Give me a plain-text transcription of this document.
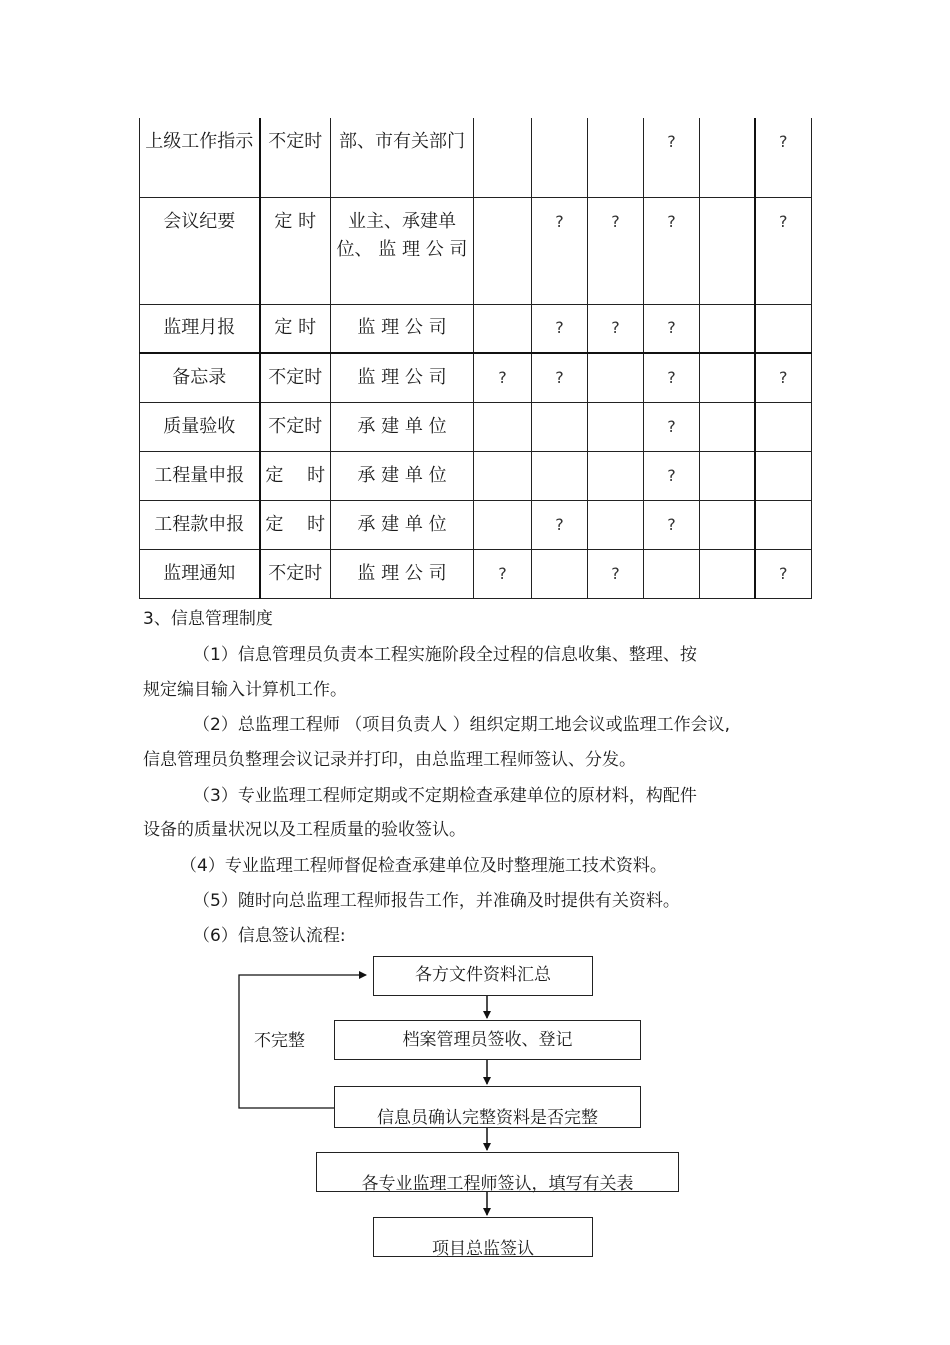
上级工作指示	不定时	部、市有关部门				?		?
会议纪要	定 时	业主、承建单位、 监 理 公 司		?	?	?		?
监理月报	定 时	监 理 公 司		?	?	?		
备忘录	不定时	监 理 公 司	?	?		?		?
质量验收	不定时	承 建 单 位				?		
工程量申报	定　 时	承 建 单 位				?		
工程款申报	定　 时	承 建 单 位		?		?		
监理通知	不定时	监 理 公 司	?		?			?
3、信息管理制度
（1）信息管理员负责本工程实施阶段全过程的信息收集、整理、按
规定编目输入计算机工作。
（2）总监理工程师 （项目负责人 ）组织定期工地会议或监理工作会议,
信息管理员负整理会议记录并打印，由总监理工程师签认、分发。
（3）专业监理工程师定期或不定期检查承建单位的原材料，构配件
设备的质量状况以及工程质量的验收签认。
（4）专业监理工程师督促检查承建单位及时整理施工技术资料。
（5）随时向总监理工程师报告工作，并准确及时提供有关资料。
（6）信息签认流程:
各方文件资料汇总
档案管理员签收、登记
信息员确认完整资料是否完整
各专业监理工程师签认，填写有关表
项目总监签认
不完整
